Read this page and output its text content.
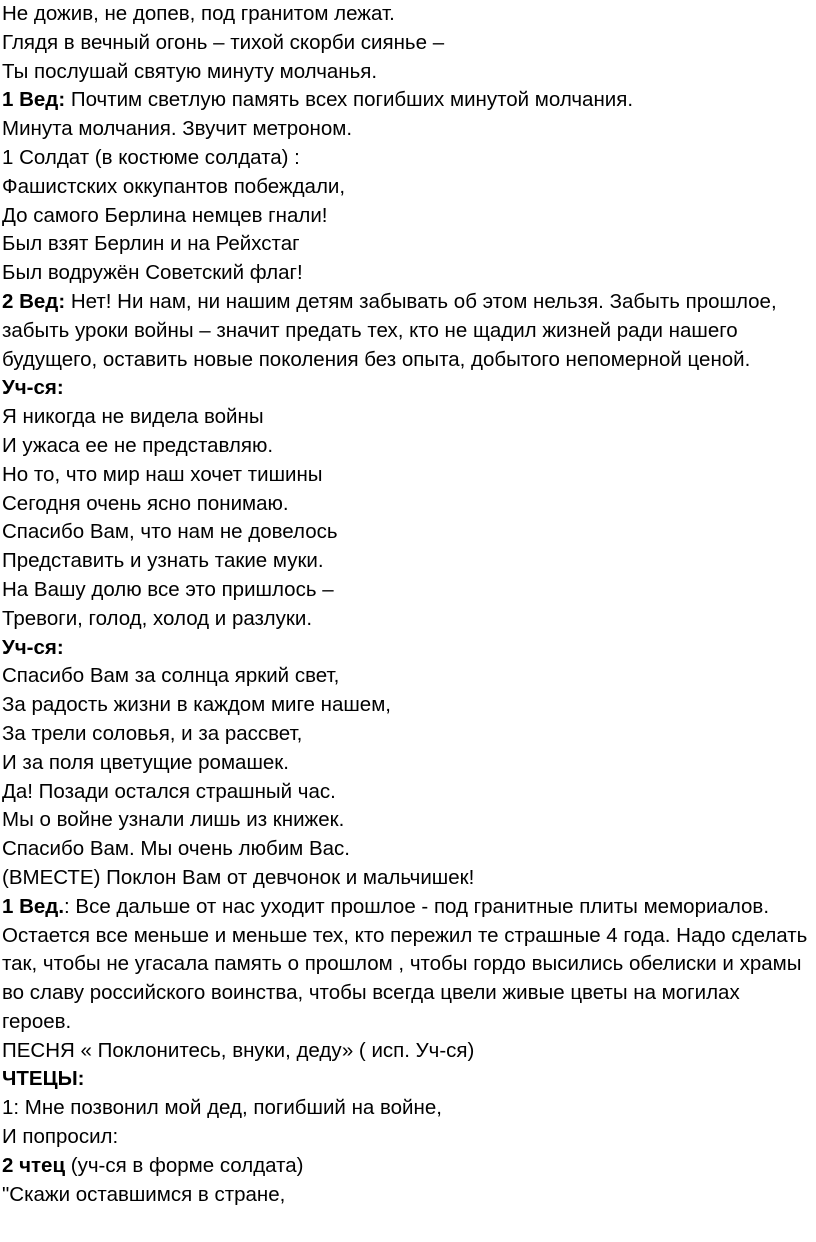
Не дожив, не допев, под гранитом лежат.
Глядя в вечный огонь – тихой скорби сиянье –
Ты послушай святую минуту молчанья.
1 Вед: Почтим светлую память всех погибших минутой молчания.
Минута молчания. Звучит метроном.
1 Солдат (в костюме солдата) :
Фашистских оккупантов побеждали,
До самого Берлина немцев гнали!
Был взят Берлин и на Рейхстаг
Был водружён Советский флаг!
2 Вед: Нет! Ни нам, ни нашим детям забывать об этом нельзя. Забыть прошлое, забыть уроки войны – значит предать тех, кто не щадил жизней ради нашего будущего, оставить новые поколения без опыта, добытого непомерной ценой.
Уч-ся:
Я никогда не видела войны
И ужаса ее не представляю.
Но то, что мир наш хочет тишины
Сегодня очень ясно понимаю.
Спасибо Вам, что нам не довелось
Представить и узнать такие муки.
На Вашу долю все это пришлось –
Тревоги, голод, холод и разлуки.
Уч-ся:
Спасибо Вам за солнца яркий свет,
За радость жизни в каждом миге нашем,
За трели соловья, и за рассвет,
И за поля цветущие ромашек.
Да! Позади остался страшный час.
Мы о войне узнали лишь из книжек.
Спасибо Вам. Мы очень любим Вас.
(ВМЕСТЕ) Поклон Вам от девчонок и мальчишек!
1 Вед.: Все дальше от нас уходит прошлое - под гранитные плиты мемориалов. Остается все меньше и меньше тех, кто пережил те страшные 4 года. Надо сделать так, чтобы не угасала память о прошлом , чтобы гордо высились обелиски и храмы во славу российского воинства, чтобы всегда цвели живые цветы на могилах героев.
ПЕСНЯ « Поклонитесь, внуки, деду» ( исп. Уч-ся)
ЧТЕЦЫ:
1: Мне позвонил мой дед, погибший на войне,
И попросил:
2 чтец (уч-ся в форме солдата)
"Скажи оставшимся в стране,
